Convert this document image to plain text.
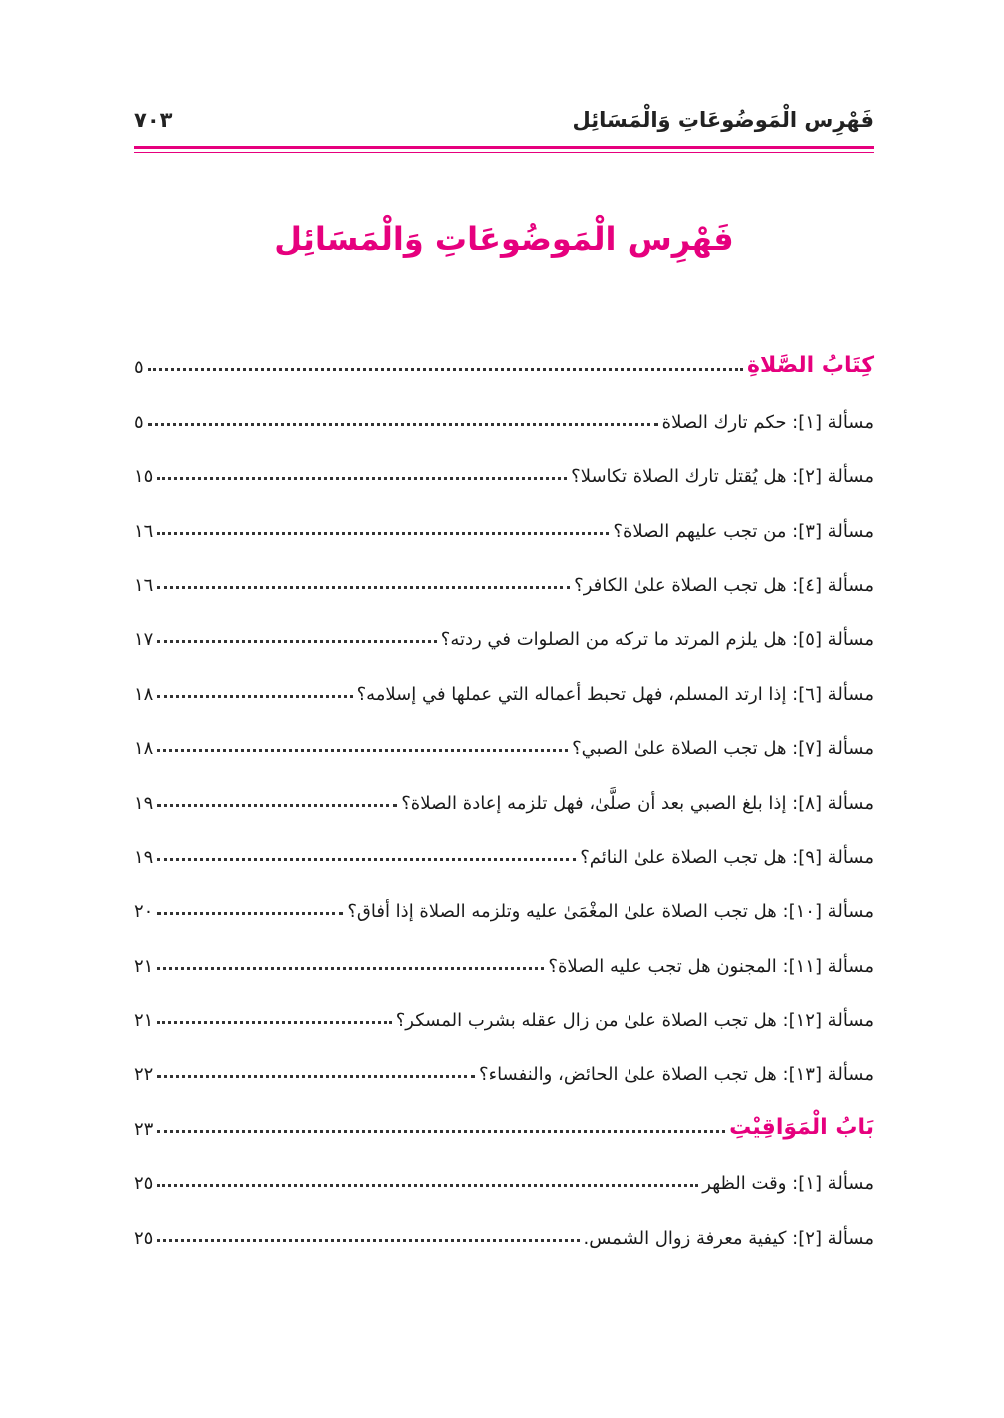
فَهْرِس الْمَوضُوعَاتِ وَالْمَسَائِل
٧٠٣
فَهْرِس الْمَوضُوعَاتِ وَالْمَسَائِل
كِتَابُ الصَّلاةِ
٥
مسألة [١]: حكم تارك الصلاة
٥
مسألة [٢]: هل يُقتل تارك الصلاة تكاسلا؟
١٥
مسألة [٣]: من تجب عليهم الصلاة؟
١٦
مسألة [٤]: هل تجب الصلاة علىٰ الكافر؟
١٦
مسألة [٥]: هل يلزم المرتد ما تركه من الصلوات في ردته؟
١٧
مسألة [٦]: إذا ارتد المسلم، فهل تحبط أعماله التي عملها في إسلامه؟
١٨
مسألة [٧]: هل تجب الصلاة علىٰ الصبي؟
١٨
مسألة [٨]: إذا بلغ الصبي بعد أن صلَّىٰ، فهل تلزمه إعادة الصلاة؟
١٩
مسألة [٩]: هل تجب الصلاة علىٰ النائم؟
١٩
مسألة [١٠]: هل تجب الصلاة علىٰ المغْمَىٰ عليه وتلزمه الصلاة إذا أفاق؟
٢٠
مسألة [١١]: المجنون هل تجب عليه الصلاة؟
٢١
مسألة [١٢]: هل تجب الصلاة علىٰ من زال عقله بشرب المسكر؟
٢١
مسألة [١٣]: هل تجب الصلاة علىٰ الحائض، والنفساء؟
٢٢
بَابُ الْمَوَاقِيْتِ
٢٣
مسألة [١]: وقت الظهر
٢٥
مسألة [٢]: كيفية معرفة زوال الشمس.
٢٥
